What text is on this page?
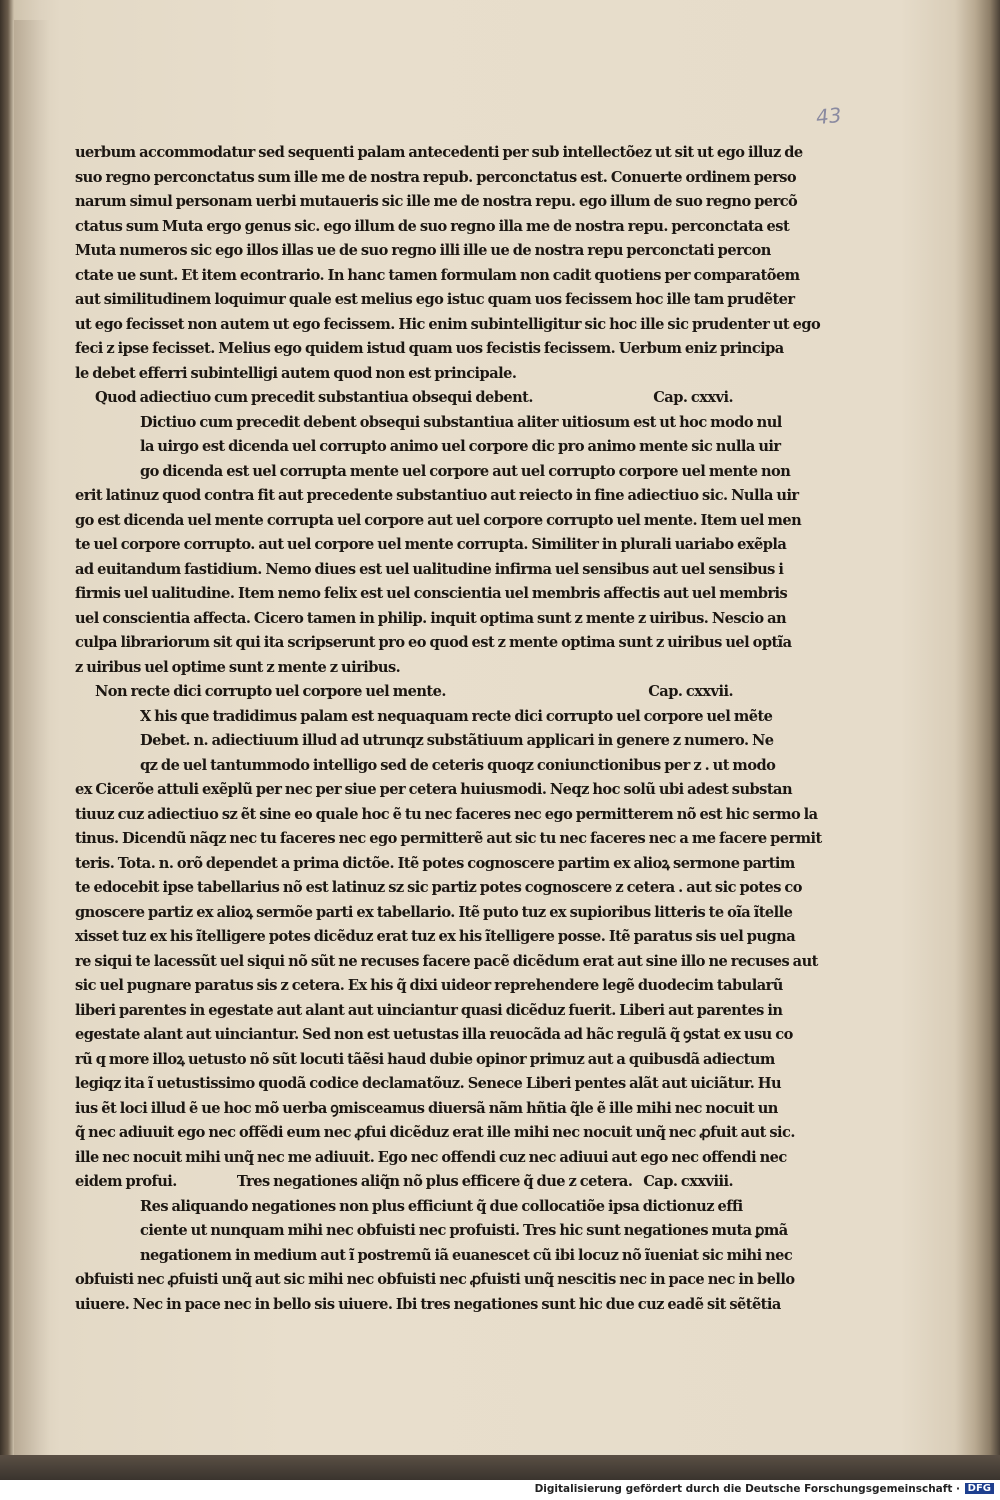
43
uerbum accommodatur sed sequenti palam antecedenti per sub intellectõez ut sit ut ego illuz de
suo regno perconctatus sum ille me de nostra repub. perconctatus est. Conuerte ordinem perso
narum simul personam uerbi mutaueris sic ille me de nostra repu. ego illum de suo regno percõ
ctatus sum Muta ergo genus sic. ego illum de suo regno illa me de nostra repu. perconctata est
Muta numeros sic ego illos illas ue de suo regno illi ille ue de nostra repu perconctati percon
ctate ue sunt. Et item econtrario. In hanc tamen formulam non cadit quotiens per comparatõem
aut similitudinem loquimur quale est melius ego istuc quam uos fecissem hoc ille tam prudẽter
ut ego fecisset non autem ut ego fecissem. Hic enim subintelligitur sic hoc ille sic prudenter ut ego
feci z ipse fecisset. Melius ego quidem istud quam uos fecistis fecissem. Uerbum eniz principa
le debet efferri subintelligi autem quod non est principale.
Quod adiectiuo cum precedit substantiua obsequi debent.	Cap. cxxvi.
Dictiuo cum precedit debent obsequi substantiua aliter uitiosum est ut hoc modo nul
la uirgo est dicenda uel corrupto animo uel corpore dic pro animo mente sic nulla uir
go dicenda est uel corrupta mente uel corpore aut uel corrupto corpore uel mente non
erit latinuz quod contra fit aut precedente substantiuo aut reiecto in fine adiectiuo sic. Nulla uir
go est dicenda uel mente corrupta uel corpore aut uel corpore corrupto uel mente. Item uel men
te uel corpore corrupto. aut uel corpore uel mente corrupta. Similiter in plurali uariabo exẽpla
ad euitandum fastidium. Nemo diues est uel ualitudine infirma uel sensibus aut uel sensibus i
firmis uel ualitudine. Item nemo felix est uel conscientia uel membris affectis aut uel membris
uel conscientia affecta. Cicero tamen in philip. inquit optima sunt z mente z uiribus. Nescio an
culpa librariorum sit qui ita scripserunt pro eo quod est z mente optima sunt z uiribus uel optĩa
z uiribus uel optime sunt z mente z uiribus.
Non recte dici corrupto uel corpore uel mente.	Cap. cxxvii.
X his que tradidimus palam est nequaquam recte dici corrupto uel corpore uel mẽte
Debet. n. adiectiuum illud ad utrunqz substãtiuum applicari in genere z numero. Ne
qz de uel tantummodo intelligo sed de ceteris quoqz coniunctionibus per z . ut modo
ex Cicerõe attuli exẽplũ per nec per siue per cetera huiusmodi. Neqz hoc solũ ubi adest substan
tiuuz cuz adiectiuo sz ẽt sine eo quale hoc ẽ tu nec faceres nec ego permitterem nõ est hic sermo la
tinus. Dicendũ nãqz nec tu faceres nec ego permitterẽ aut sic tu nec faceres nec a me facere permit
teris. Tota. n. orõ dependet a prima dictõe. Itẽ potes cognoscere partim ex alioꝝ sermone partim
te edocebit ipse tabellarius nõ est latinuz sz sic partiz potes cognoscere z cetera . aut sic potes co
gnoscere partiz ex alioꝝ sermõe parti ex tabellario. Itẽ puto tuz ex supioribus litteris te oĩa ĩtelle
xisset tuz ex his ĩtelligere potes dicẽduz erat tuz ex his ĩtelligere posse. Itẽ paratus sis uel pugna
re siqui te lacessũt uel siqui nõ sũt ne recuses facere pacẽ dicẽdum erat aut sine illo ne recuses aut
sic uel pugnare paratus sis z cetera. Ex his q̃ dixi uideor reprehendere legẽ duodecim tabularũ
liberi parentes in egestate aut alant aut uinciantur quasi dicẽduz fuerit. Liberi aut parentes in
egestate alant aut uinciantur. Sed non est uetustas illa reuocãda ad hãc regulã q̃ ꝯstat ex usu co
rũ q more illoꝝ uetusto nõ sũt locuti tãẽsi haud dubie opinor primuz aut a quibusdã adiectum
legiqz ita ĩ uetustissimo quodã codice declamatõuz. Senece Liberi pentes alãt aut uiciãtur. Hu
ius ẽt loci illud ẽ ue hoc mõ uerba ꝯmisceamus diuersã nãm hñtia q̃le ẽ ille mihi nec nocuit un
q̃ nec adiuuit ego nec offẽdi eum nec ꝓfui dicẽduz erat ille mihi nec nocuit unq̃ nec ꝓfuit aut sic.
ille nec nocuit mihi unq̃ nec me adiuuit. Ego nec offendi cuz nec adiuui aut ego nec offendi nec
eidem profui.	Tres negationes aliq̃n nõ plus efficere q̃ due z cetera. Cap. cxxviii.
Res aliquando negationes non plus efficiunt q̃ due collocatiõe ipsa dictionuz effi
ciente ut nunquam mihi nec obfuisti nec profuisti. Tres hic sunt negationes muta ꝑmã
negationem in medium aut ĩ postremũ iã euanescet cũ ibi locuz nõ ĩueniat sic mihi nec
obfuisti nec ꝓfuisti unq̃ aut sic mihi nec obfuisti nec ꝓfuisti unq̃ nescitis nec in pace nec in bello
uiuere. Nec in pace nec in bello sis uiuere. Ibi tres negationes sunt hic due cuz eadẽ sit sẽtẽtia
Digitalisierung gefördert durch die Deutsche Forschungsgemeinschaft · DFG
